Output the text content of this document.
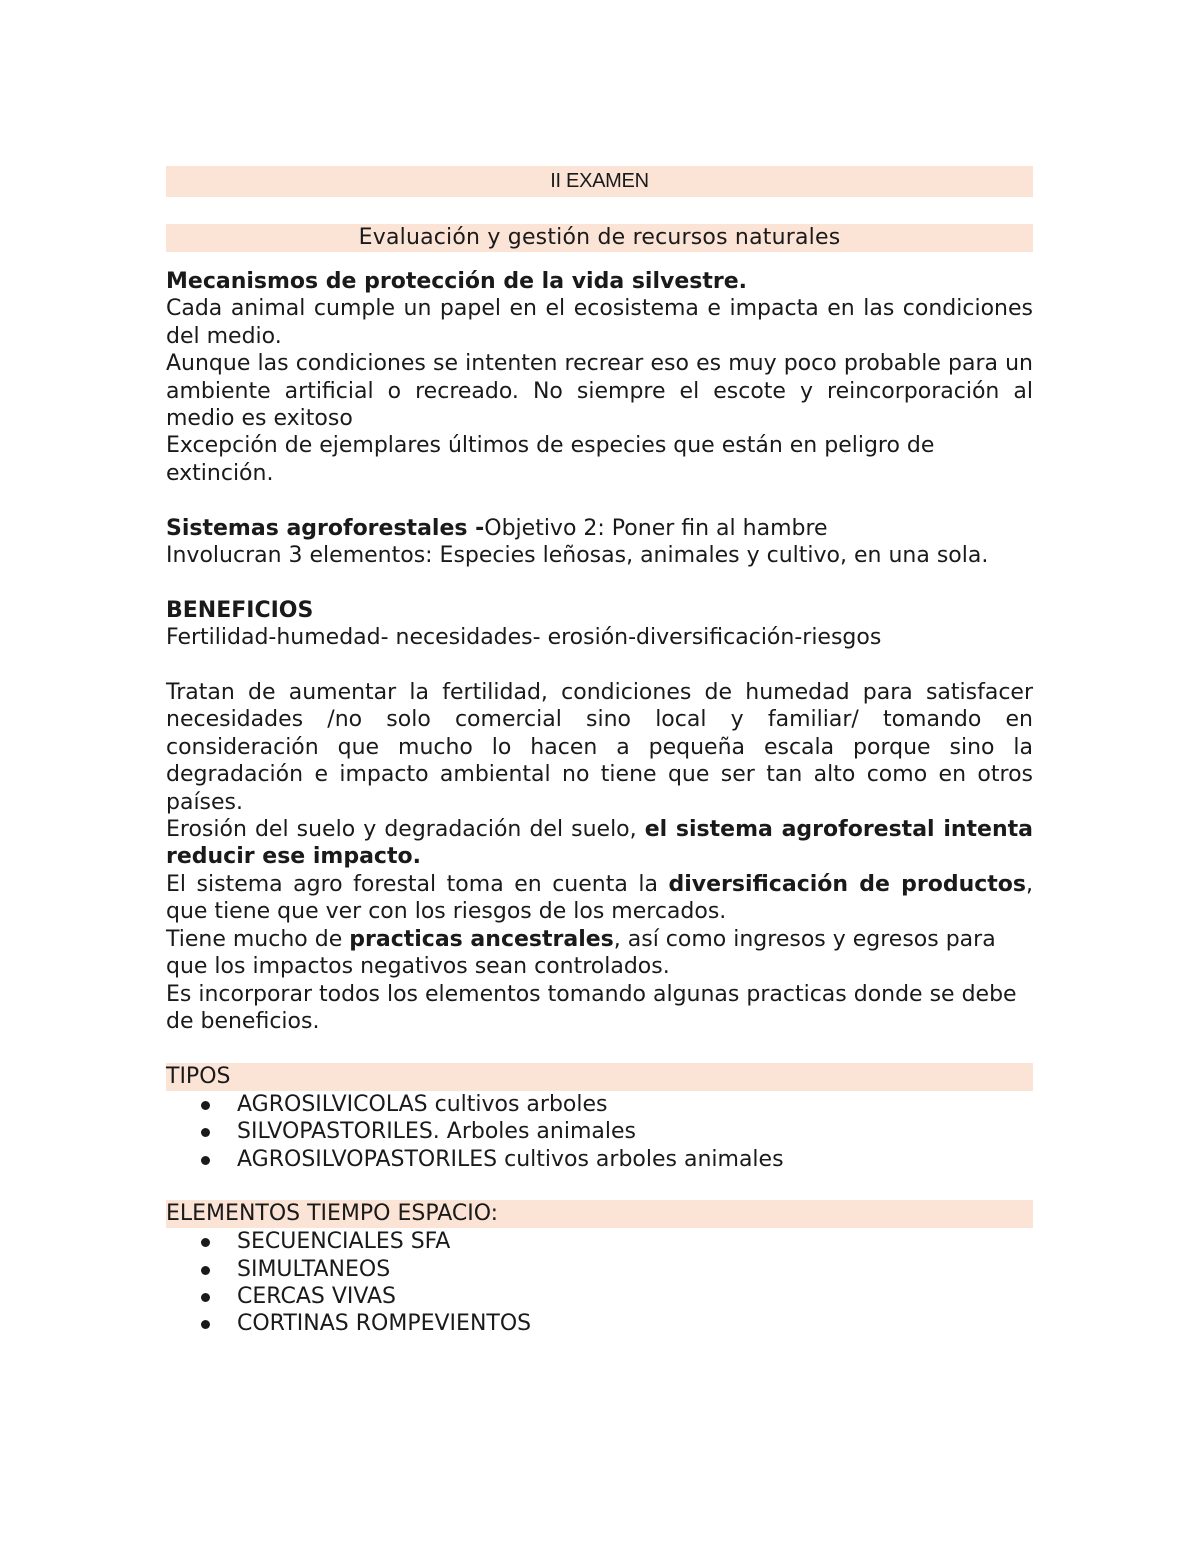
II EXAMEN
Evaluación y gestión de recursos naturales

Mecanismos de protección de la vida silvestre.

Cada animal cumple un papel en el ecosistema e impacta en las condiciones del medio.

Aunque las condiciones se intenten recrear eso es muy poco probable para un ambiente artificial o recreado. No siempre el escote y reincorporación al medio es exitoso

Excepción de ejemplares últimos de especies que están en peligro de extinción.

Sistemas agroforestales -Objetivo 2: Poner fin al hambre

Involucran 3 elementos: Especies leñosas, animales y cultivo, en una sola.

BENEFICIOS

Fertilidad-humedad- necesidades- erosión-diversificación-riesgos

Tratan de aumentar la fertilidad, condiciones de humedad para satisfacer necesidades /no solo comercial sino local y familiar/ tomando en consideración que mucho lo hacen a pequeña escala porque sino la degradación e impacto ambiental no tiene que ser tan alto como en otros países.

Erosión del suelo y degradación del suelo, el sistema agroforestal intenta reducir ese impacto.

El sistema agro forestal toma en cuenta la diversificación de productos, que tiene que ver con los riesgos de los mercados.

Tiene mucho de practicas ancestrales, así como ingresos y egresos para que los impactos negativos sean controlados.

Es incorporar todos los elementos tomando algunas practicas donde se debe de beneficios.

TIPOS
AGROSILVICOLAS cultivos arboles
SILVOPASTORILES. Arboles animales
AGROSILVOPASTORILES cultivos arboles animales
ELEMENTOS TIEMPO ESPACIO:
SECUENCIALES SFA
SIMULTANEOS
CERCAS VIVAS
CORTINAS ROMPEVIENTOS
